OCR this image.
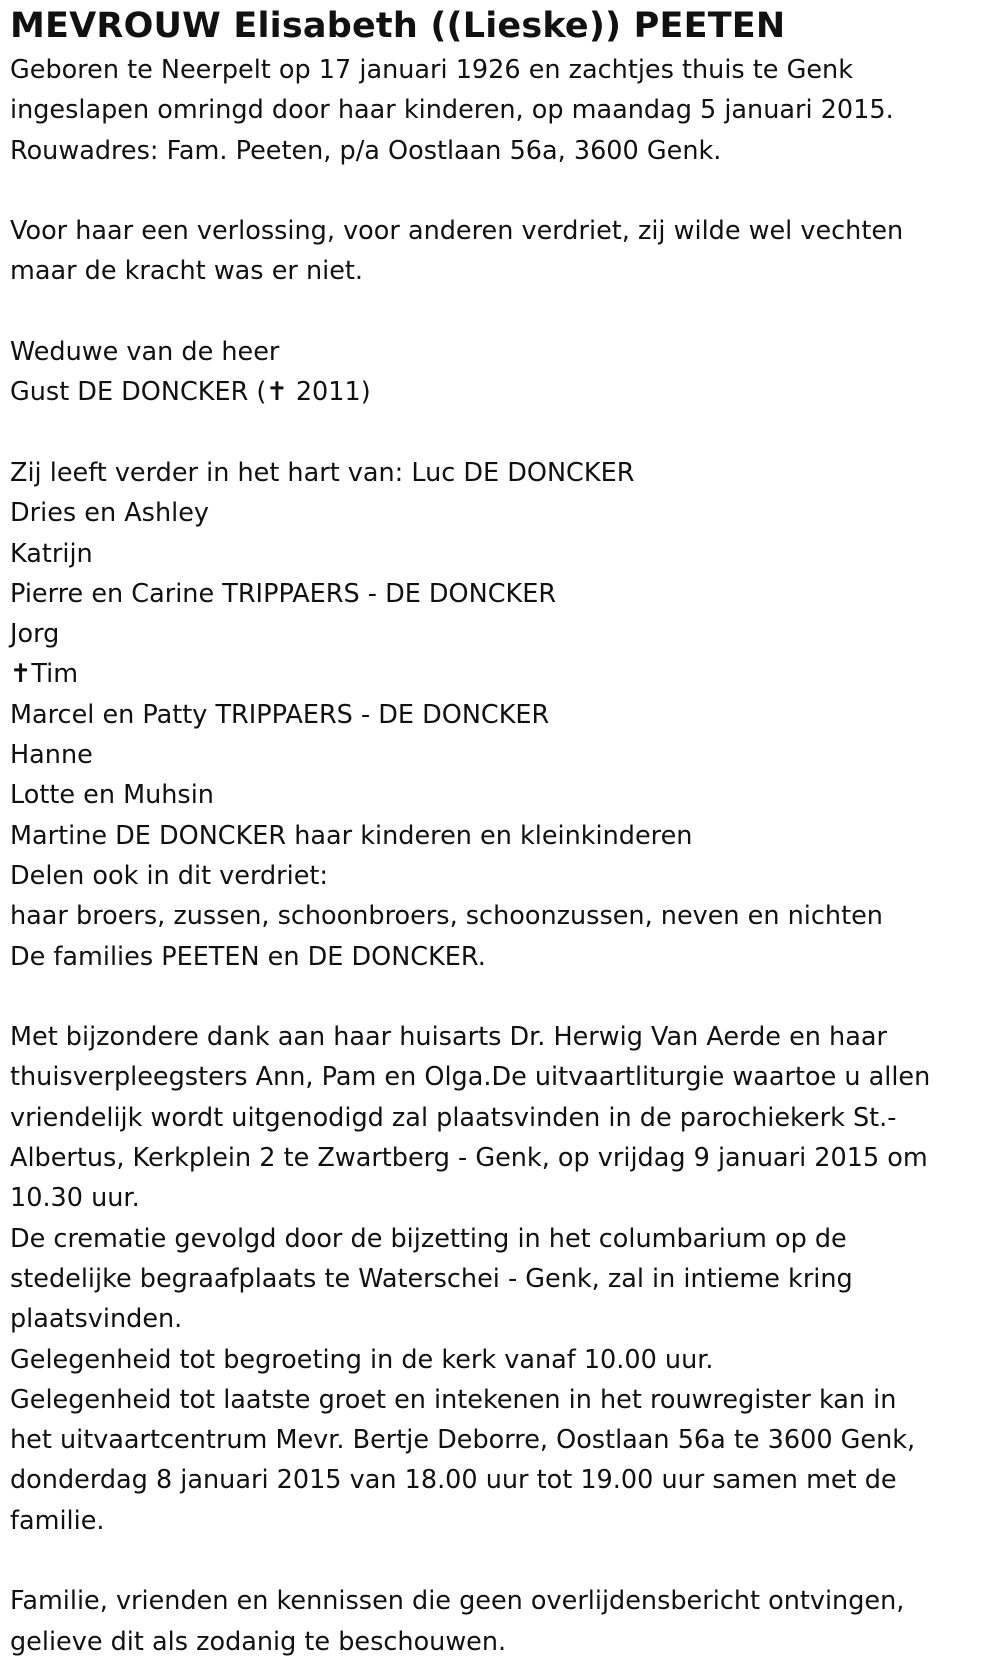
MEVROUW Elisabeth ((Lieske)) PEETEN

Geboren te Neerpelt op 17 januari 1926 en zachtjes thuis te Genk

ingeslapen omringd door haar kinderen, op maandag 5 januari 2015.

Rouwadres: Fam. Peeten, p/a Oostlaan 56a, 3600 Genk.

Voor haar een verlossing, voor anderen verdriet, zij wilde wel vechten

maar de kracht was er niet.

Weduwe van de heer

Gust DE DONCKER (✝ 2011)

Zij leeft verder in het hart van: Luc DE DONCKER

Dries en Ashley

Katrijn

Pierre en Carine TRIPPAERS - DE DONCKER

Jorg

✝Tim

Marcel en Patty TRIPPAERS - DE DONCKER

Hanne

Lotte en Muhsin

Martine DE DONCKER haar kinderen en kleinkinderen

Delen ook in dit verdriet:

haar broers, zussen, schoonbroers, schoonzussen, neven en nichten

De families PEETEN en DE DONCKER.

Met bijzondere dank aan haar huisarts Dr. Herwig Van Aerde en haar

thuisverpleegsters Ann, Pam en Olga.De uitvaartliturgie waartoe u allen

vriendelijk wordt uitgenodigd zal plaatsvinden in de parochiekerk St.-

Albertus, Kerkplein 2 te Zwartberg - Genk, op vrijdag 9 januari 2015 om

10.30 uur.

De crematie gevolgd door de bijzetting in het columbarium op de

stedelijke begraafplaats te Waterschei - Genk, zal in intieme kring

plaatsvinden.

Gelegenheid tot begroeting in de kerk vanaf 10.00 uur.

Gelegenheid tot laatste groet en intekenen in het rouwregister kan in

het uitvaartcentrum Mevr. Bertje Deborre, Oostlaan 56a te 3600 Genk,

donderdag 8 januari 2015 van 18.00 uur tot 19.00 uur samen met de

familie.

Familie, vrienden en kennissen die geen overlijdensbericht ontvingen,

gelieve dit als zodanig te beschouwen.
